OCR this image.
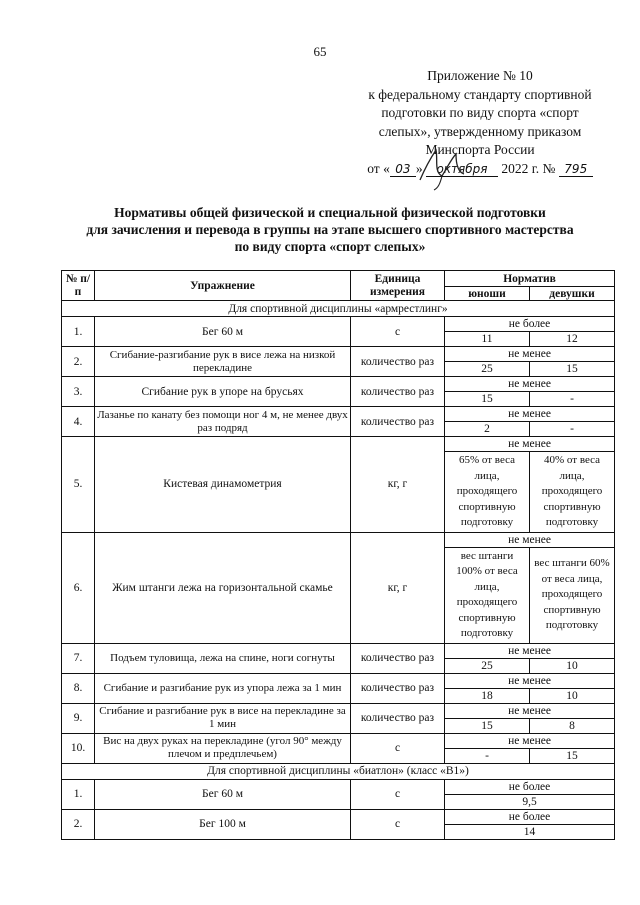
65
Приложение № 10
к федеральному стандарту спортивной
подготовки по виду спорта «спорт
слепых», утвержденному приказом
Минспорта России
от « 03 » октября 2022 г. № 795
Нормативы общей физической и специальной физической подготовки
для зачисления и перевода в группы на этапе высшего спортивного мастерства
по виду спорта «спорт слепых»
№ п/п	Упражнение	Единица измерения	Норматив	
			юноши	девушки
Для спортивной дисциплины «армрестлинг»				
1.	Бег 60 м	с	не более	
			11	12
2.	Сгибание-разгибание рук в висе лежа на низкой перекладине	количество раз	не менее	
			25	15
3.	Сгибание рук в упоре на брусьях	количество раз	не менее	
			15	-
4.	Лазанье по канату без помощи ног 4 м, не менее двух раз подряд	количество раз	не менее	
			2	-
5.	Кистевая динамометрия	кг, г	не менее	
			65% от веса лица, проходящего спортивную подготовку	40% от веса лица, проходящего спортивную подготовку
6.	Жим штанги лежа на горизонтальной скамье	кг, г	не менее	
			вес штанги 100% от веса лица, проходящего спортивную подготовку	вес штанги 60% от веса лица, проходящего спортивную подготовку
7.	Подъем туловища, лежа на спине, ноги согнуты	количество раз	не менее	
			25	10
8.	Сгибание и разгибание рук из упора лежа за 1 мин	количество раз	не менее	
			18	10
9.	Сгибание и разгибание рук в висе на перекладине за 1 мин	количество раз	не менее	
			15	8
10.	Вис на двух руках на перекладине (угол 90° между плечом и предплечьем)	с	не менее	
			-	15
Для спортивной дисциплины «биатлон» (класс «B1»)				
1.	Бег 60 м	с	не более	
			9,5	
2.	Бег 100 м	с	не более	
			14	
